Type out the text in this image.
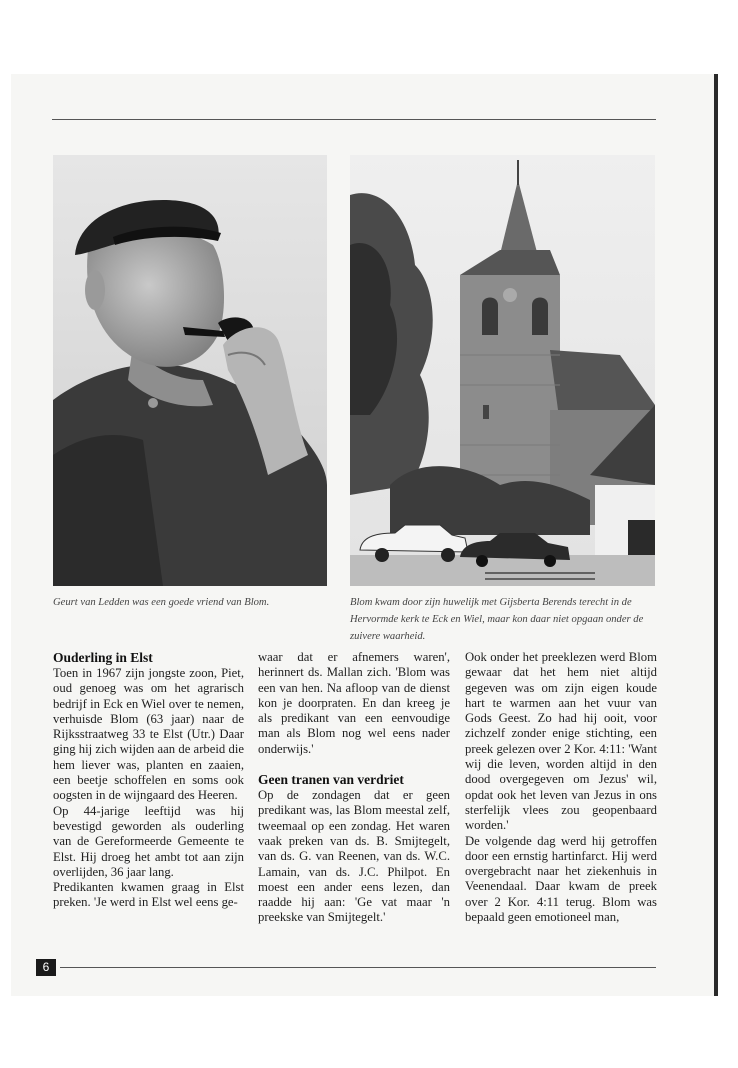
Geurt van Ledden was een goede vriend van Blom.	Blom kwam door zijn huwelijk met Gijsberta Berends terecht in de Hervormde kerk te Eck en Wiel, maar kon daar niet opgaan onder de zuivere waarheid.
Ouderling in Elst

Toen in 1967 zijn jongste zoon, Piet, oud genoeg was om het agrarisch bedrijf in Eck en Wiel over te nemen, verhuisde Blom (63 jaar) naar de Rijksstraatweg 33 te Elst (Utr.) Daar ging hij zich wijden aan de arbeid die hem liever was, planten en zaaien, een beetje schoffelen en soms ook oogsten in de wijngaard des Heeren.

Op 44-jarige leeftijd was hij bevestigd geworden als ouderling van de Gereformeerde Gemeente te Elst. Hij droeg het ambt tot aan zijn overlijden, 36 jaar lang.

Predikanten kwamen graag in Elst preken. 'Je werd in Elst wel eens ge-

waar dat er afnemers waren', herinnert ds. Mallan zich. 'Blom was een van hen. Na afloop van de dienst kon je doorpraten. En dan kreeg je als predikant van een eenvoudige man als Blom nog wel eens nader onderwijs.'

Geen tranen van verdriet

Op de zondagen dat er geen predikant was, las Blom meestal zelf, tweemaal op een zondag. Het waren vaak preken van ds. B. Smijtegelt, van ds. G. van Reenen, van ds. W.C. Lamain, van ds. J.C. Philpot. En moest een ander eens lezen, dan raadde hij aan: 'Ge vat maar 'n preekske van Smijtegelt.'

Ook onder het preeklezen werd Blom gewaar dat het hem niet altijd gegeven was om zijn eigen koude hart te warmen aan het vuur van Gods Geest. Zo had hij ooit, voor zichzelf zonder enige stichting, een preek gelezen over 2 Kor. 4:11: 'Want wij die leven, worden altijd in den dood overgegeven om Jezus' wil, opdat ook het leven van Jezus in ons sterfelijk vlees zou geopenbaard worden.'

De volgende dag werd hij getroffen door een ernstig hartinfarct. Hij werd overgebracht naar het ziekenhuis in Veenendaal. Daar kwam de preek over 2 Kor. 4:11 terug. Blom was bepaald geen emotioneel man,

6
